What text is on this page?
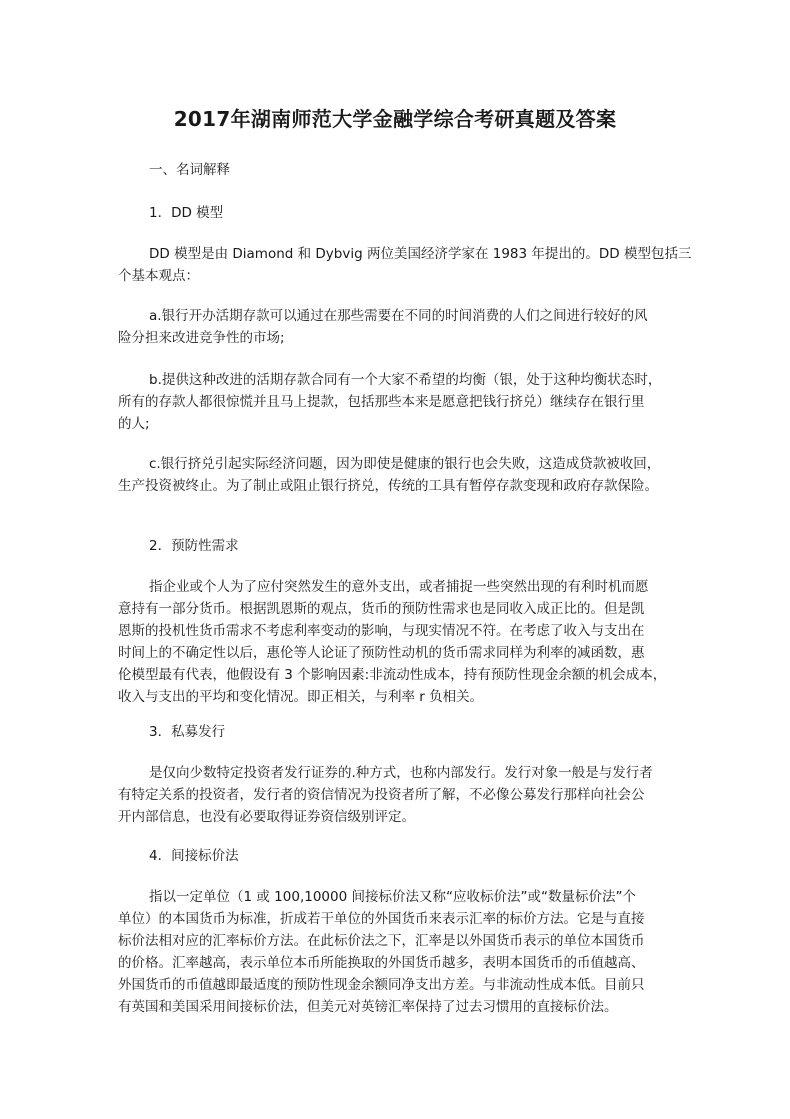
2017年湖南师范大学金融学综合考研真题及答案
一、名词解释
1．DD 模型
DD 模型是由 Diamond 和 Dybvig 两位美国经济学家在 1983 年提出的。DD 模型包括三
个基本观点：
a.银行开办活期存款可以通过在那些需要在不同的时间消费的人们之间进行较好的风
险分担来改进竞争性的市场;
b.提供这种改进的活期存款合同有一个大家不希望的均衡（银，处于这种均衡状态时，
所有的存款人都很惊慌并且马上提款，包括那些本来是愿意把钱行挤兑）继续存在银行里
的人;
c.银行挤兑引起实际经济问题，因为即使是健康的银行也会失败，这造成贷款被收回，
生产投资被终止。为了制止或阻止银行挤兑，传统的工具有暂停存款变现和政府存款保险。
2．预防性需求
指企业或个人为了应付突然发生的意外支出，或者捕捉一些突然出现的有利时机而愿
意持有一部分货币。根据凯恩斯的观点，货币的预防性需求也是同收入成正比的。但是凯
恩斯的投机性货币需求不考虑利率变动的影响，与现实情况不符。在考虑了收入与支出在
时间上的不确定性以后，惠伦等人论证了预防性动机的货币需求同样为利率的减函数，惠
伦模型最有代表，他假设有 3 个影响因素:非流动性成本，持有预防性现金余额的机会成本，
收入与支出的平均和变化情况。即正相关，与利率 r 负相关。
3．私募发行
是仅向少数特定投资者发行证券的.种方式，也称内部发行。发行对象一般是与发行者
有特定关系的投资者，发行者的资信情况为投资者所了解，不必像公募发行那样向社会公
开内部信息，也没有必要取得证券资信级别评定。
4．间接标价法
指以一定单位（1 或 100,10000 间接标价法又称“应收标价法”或“数量标价法”个
单位）的本国货币为标准，折成若干单位的外国货币来表示汇率的标价方法。它是与直接
标价法相对应的汇率标价方法。在此标价法之下，汇率是以外国货币表示的单位本国货币
的价格。汇率越高，表示单位本币所能换取的外国货币越多，表明本国货币的币值越高、
外国货币的币值越即最适度的预防性现金余额同净支出方差。与非流动性成本低。目前只
有英国和美国采用间接标价法，但美元对英镑汇率保持了过去习惯用的直接标价法。
